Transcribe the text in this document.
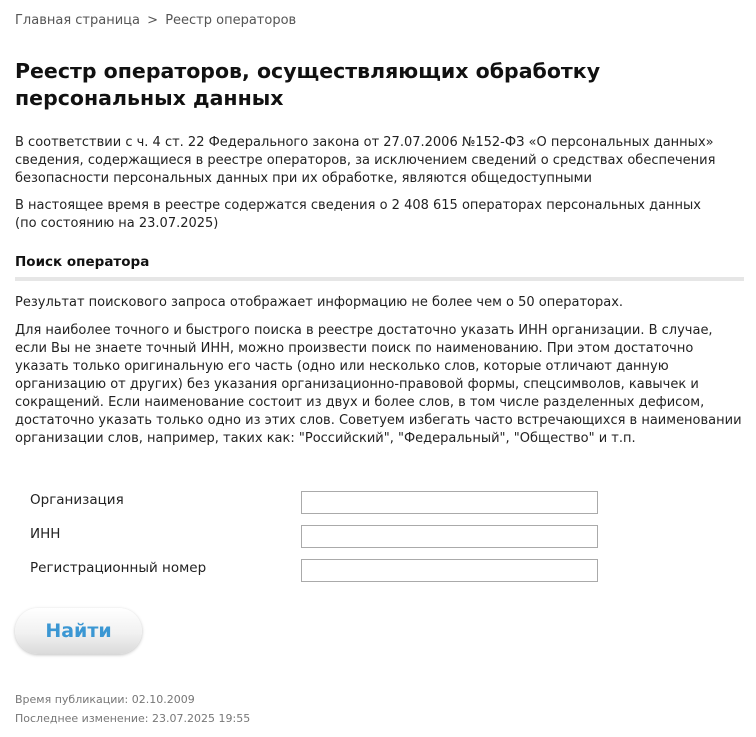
Главная страница > Реестр операторов
Реестр операторов, осуществляющих обработку персональных данных

В соответствии с ч. 4 ст. 22 Федерального закона от 27.07.2006 №152-ФЗ «О персональных данных» сведения, содержащиеся в реестре операторов, за исключением сведений о средствах обеспечения безопасности персональных данных при их обработке, являются общедоступными

В настоящее время в реестре содержатся сведения о 2 408 615 операторах персональных данных
(по состоянию на 23.07.2025)

Поиск оператора

Результат поискового запроса отображает информацию не более чем о 50 операторах.

Для наиболее точного и быстрого поиска в реестре достаточно указать ИНН организации. В случае, если Вы не знаете точный ИНН, можно произвести поиск по наименованию. При этом достаточно указать только оригинальную его часть (одно или несколько слов, которые отличают данную организацию от других) без указания организационно-правовой формы, спецсимволов, кавычек и сокращений. Если наименование состоит из двух и более слов, в том числе разделенных дефисом, достаточно указать только одно из этих слов. Советуем избегать часто встречающихся в наименовании организации слов, например, таких как: "Российский", "Федеральный", "Общество" и т.п.

Организация
ИНН
Регистрационный номер
Найти
Время публикации: 02.10.2009
Последнее изменение: 23.07.2025 19:55
